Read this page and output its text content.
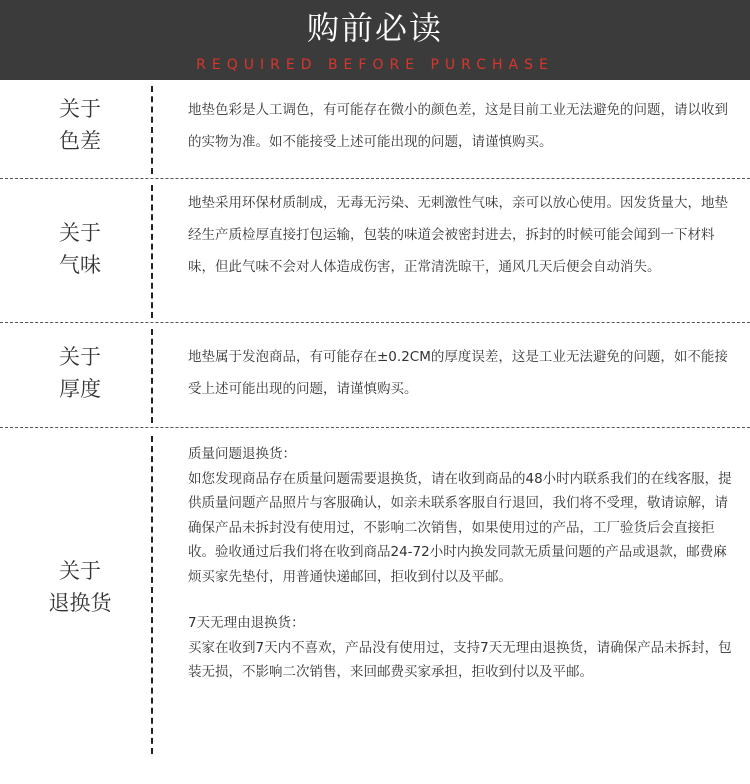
购前必读
REQUIRED BEFORE PURCHASE
关于
色差

地垫色彩是人工调色，有可能存在微小的颜色差，这是目前工业无法避免的问题，请以收到的实物为准。如不能接受上述可能出现的问题，请谨慎购买。

关于
气味

地垫采用环保材质制成，无毒无污染、无刺激性气味，亲可以放心使用。因发货量大，地垫经生产质检厚直接打包运输，包装的味道会被密封进去，拆封的时候可能会闻到一下材料味，但此气味不会对人体造成伤害，正常清洗晾干，通风几天后便会自动消失。

关于
厚度

地垫属于发泡商品，有可能存在±0.2CM的厚度误差，这是工业无法避免的问题，如不能接受上述可能出现的问题，请谨慎购买。

关于
退换货

质量问题退换货：

如您发现商品存在质量问题需要退换货，请在收到商品的48小时内联系我们的在线客服，提供质量问题产品照片与客服确认，如亲未联系客服自行退回，我们将不受理，敬请谅解，请确保产品未拆封没有使用过，不影响二次销售，如果使用过的产品，工厂验货后会直接拒收。验收通过后我们将在收到商品24-72小时内换发同款无质量问题的产品或退款，邮费麻烦买家先垫付，用普通快递邮回，拒收到付以及平邮。

7天无理由退换货：

买家在收到7天内不喜欢，产品没有使用过，支持7天无理由退换货，请确保产品未拆封，包装无损，不影响二次销售，来回邮费买家承担，拒收到付以及平邮。
